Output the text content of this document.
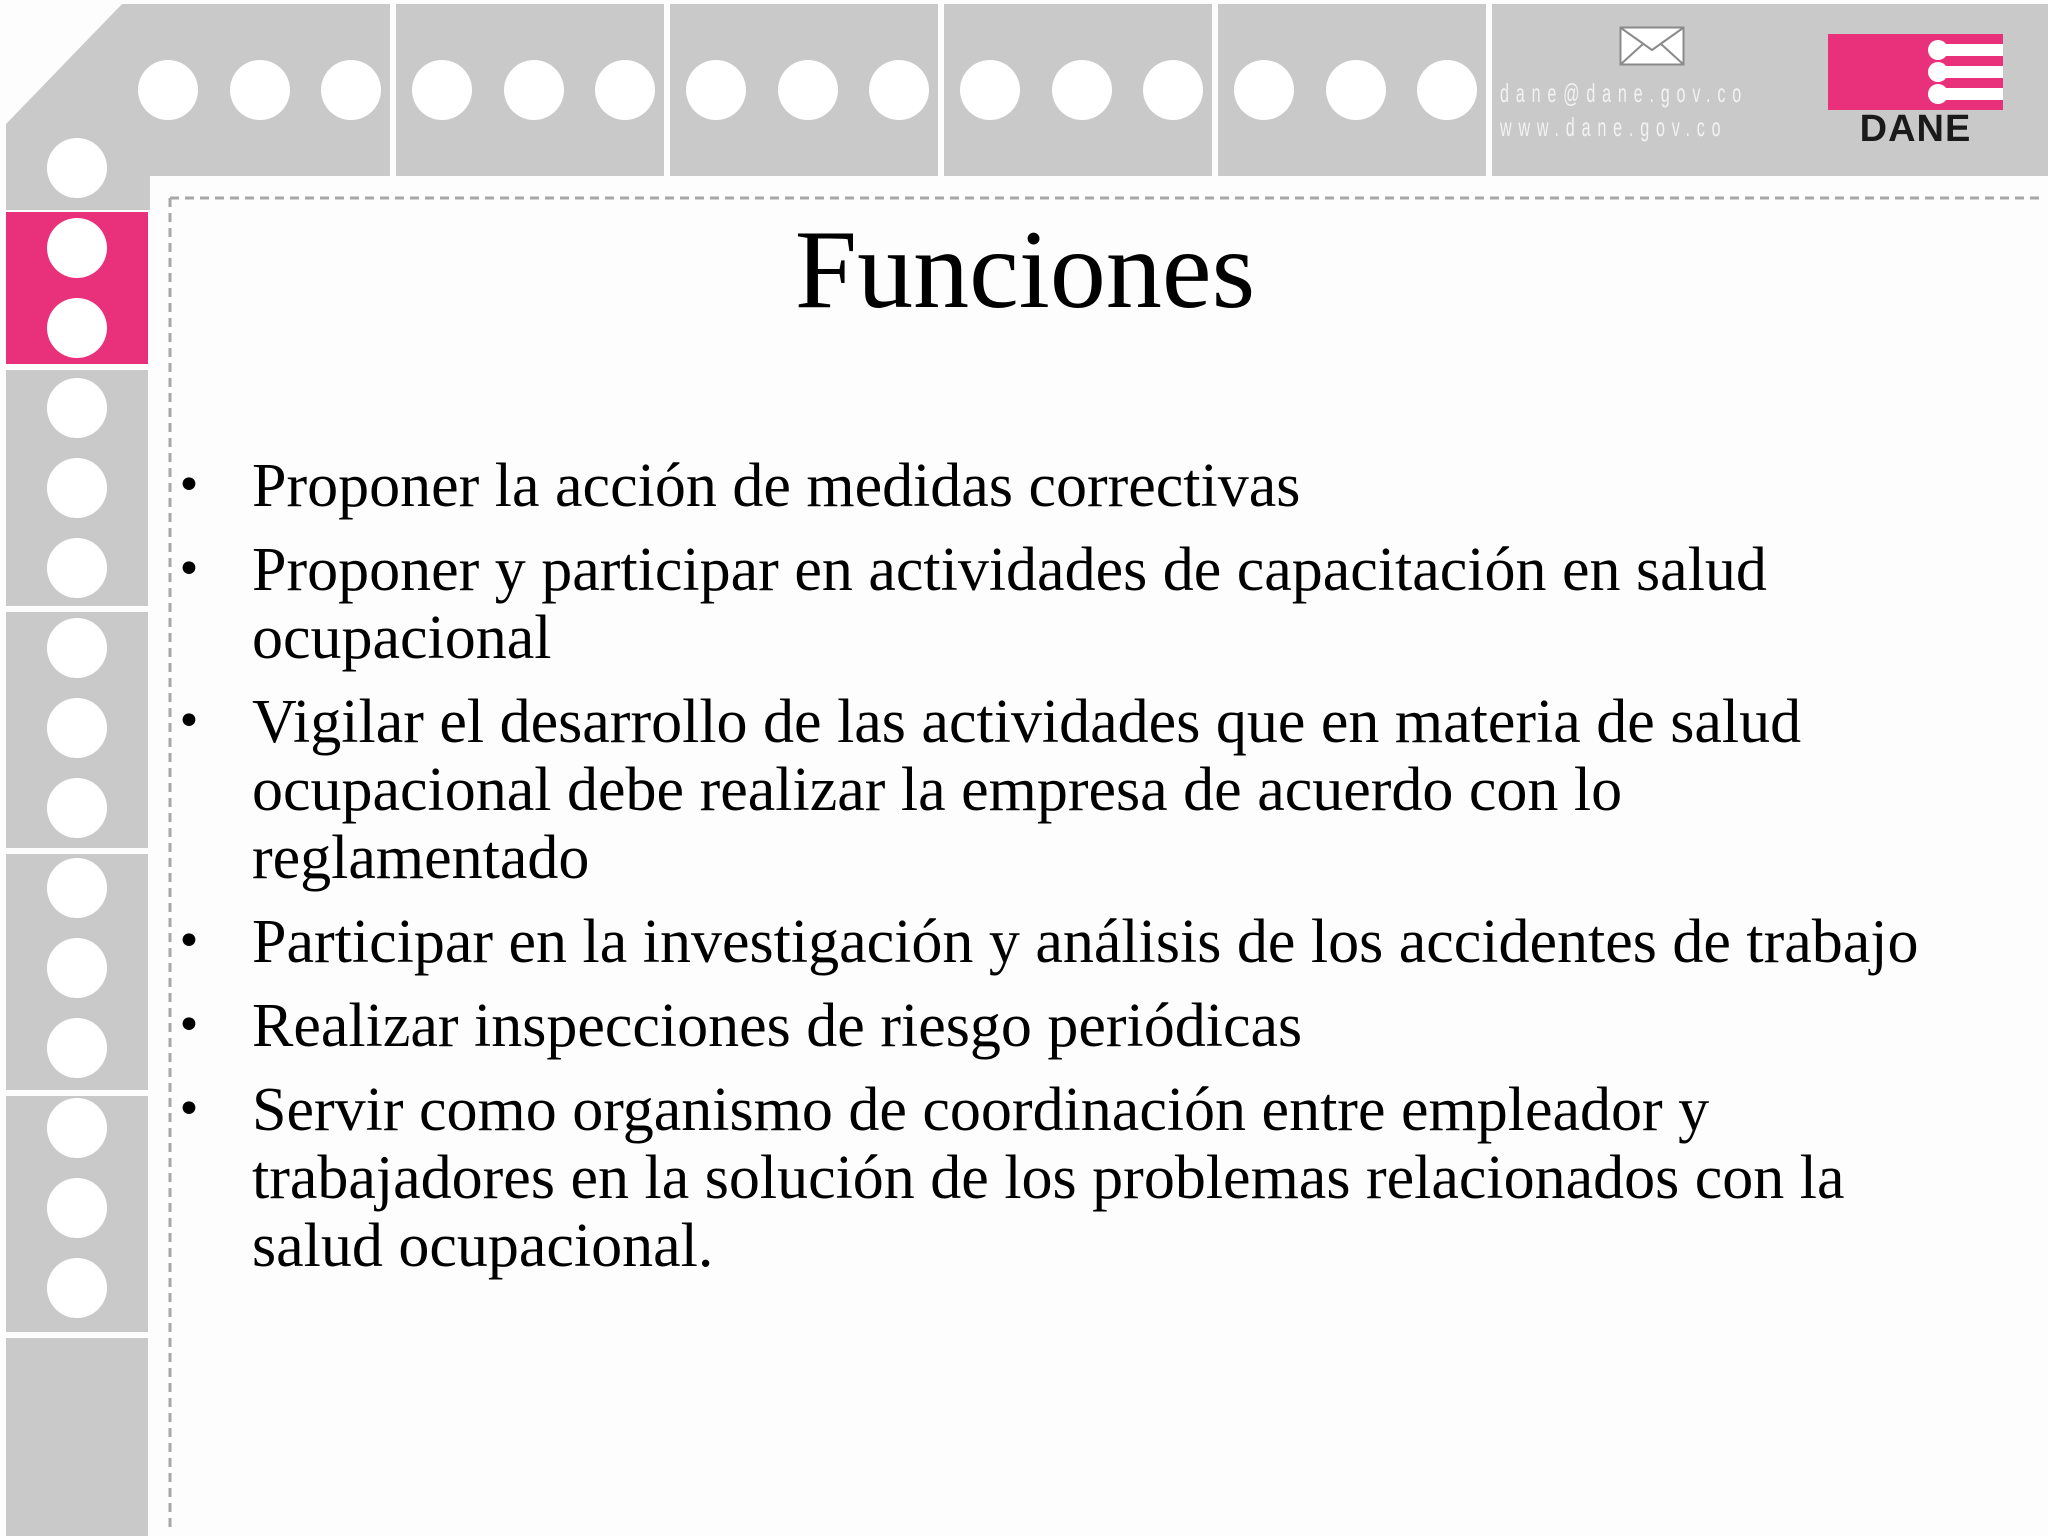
dane@dane.gov.co
www.dane.gov.co	DANE
Funciones
• Proponer la acción de medidas correctivas
• Proponer y participar en actividades de capacitación en salud ocupacional
• Vigilar el desarrollo de las actividades que en materia de salud ocupacional debe realizar la empresa de acuerdo con lo reglamentado
• Participar en la investigación y análisis de los accidentes de trabajo
• Realizar inspecciones de riesgo periódicas
• Servir como organismo de coordinación entre empleador y trabajadores en la solución de los problemas relacionados con la salud ocupacional.
